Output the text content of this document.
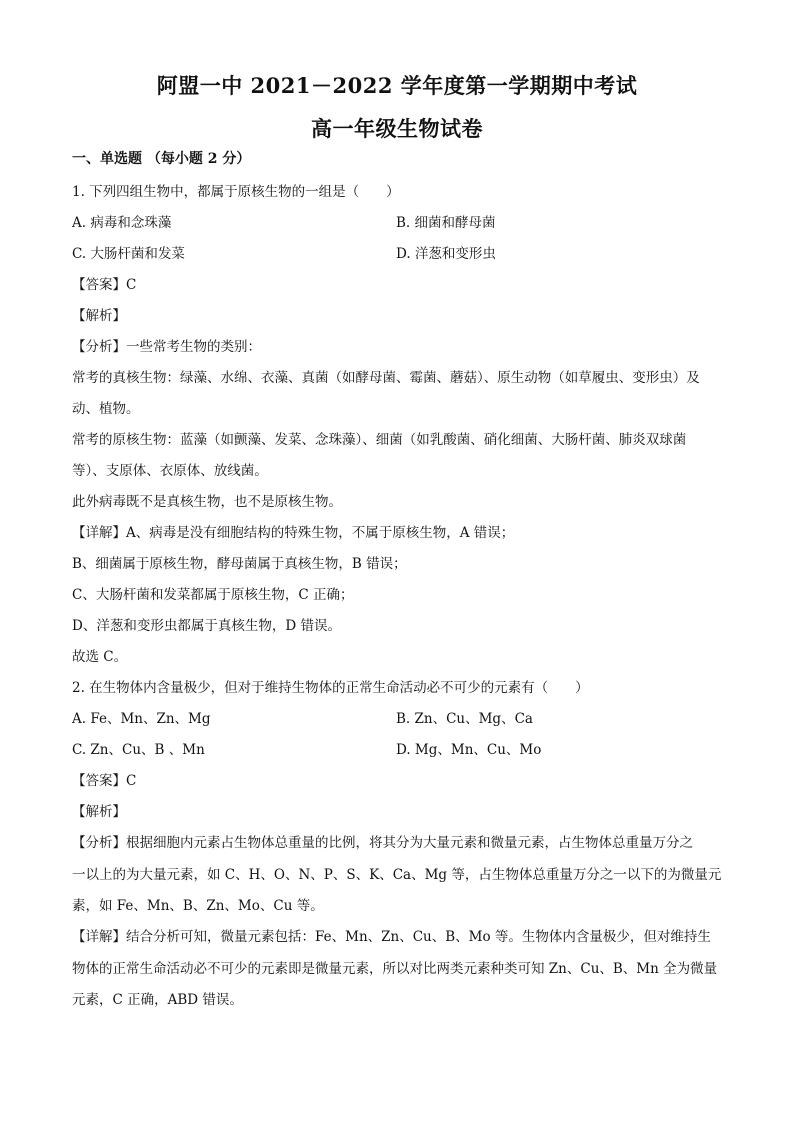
阿盟一中 2021－2022 学年度第一学期期中考试
高一年级生物试卷
一、单选题 （每小题 2 分）
1. 下列四组生物中，都属于原核生物的一组是（　　）
A. 病毒和念珠藻	B. 细菌和酵母菌
C. 大肠杆菌和发菜	D. 洋葱和变形虫
【答案】C
【解析】
【分析】一些常考生物的类别：
常考的真核生物：绿藻、水绵、衣藻、真菌（如酵母菌、霉菌、蘑菇）、原生动物（如草履虫、变形虫）及
动、植物。
常考的原核生物：蓝藻（如颤藻、发菜、念珠藻）、细菌（如乳酸菌、硝化细菌、大肠杆菌、肺炎双球菌
等）、支原体、衣原体、放线菌。
此外病毒既不是真核生物，也不是原核生物。
【详解】A、病毒是没有细胞结构的特殊生物，不属于原核生物，A 错误；
B、细菌属于原核生物，酵母菌属于真核生物，B 错误；
C、大肠杆菌和发菜都属于原核生物，C 正确；
D、洋葱和变形虫都属于真核生物，D 错误。
故选 C。
2. 在生物体内含量极少，但对于维持生物体的正常生命活动必不可少的元素有（　　）
A. Fe、Mn、Zn、Mg	B. Zn、Cu、Mg、Ca
C. Zn、Cu、B 、Mn	D. Mg、Mn、Cu、Mo
【答案】C
【解析】
【分析】根据细胞内元素占生物体总重量的比例，将其分为大量元素和微量元素，占生物体总重量万分之
一以上的为大量元素，如 C、H、O、N、P、S、K、Ca、Mg 等，占生物体总重量万分之一以下的为微量元
素，如 Fe、Mn、B、Zn、Mo、Cu 等。
【详解】结合分析可知，微量元素包括：Fe、Mn、Zn、Cu、B、Mo 等。生物体内含量极少，但对维持生
物体的正常生命活动必不可少的元素即是微量元素，所以对比两类元素种类可知 Zn、Cu、B、Mn 全为微量
元素，C 正确，ABD 错误。
